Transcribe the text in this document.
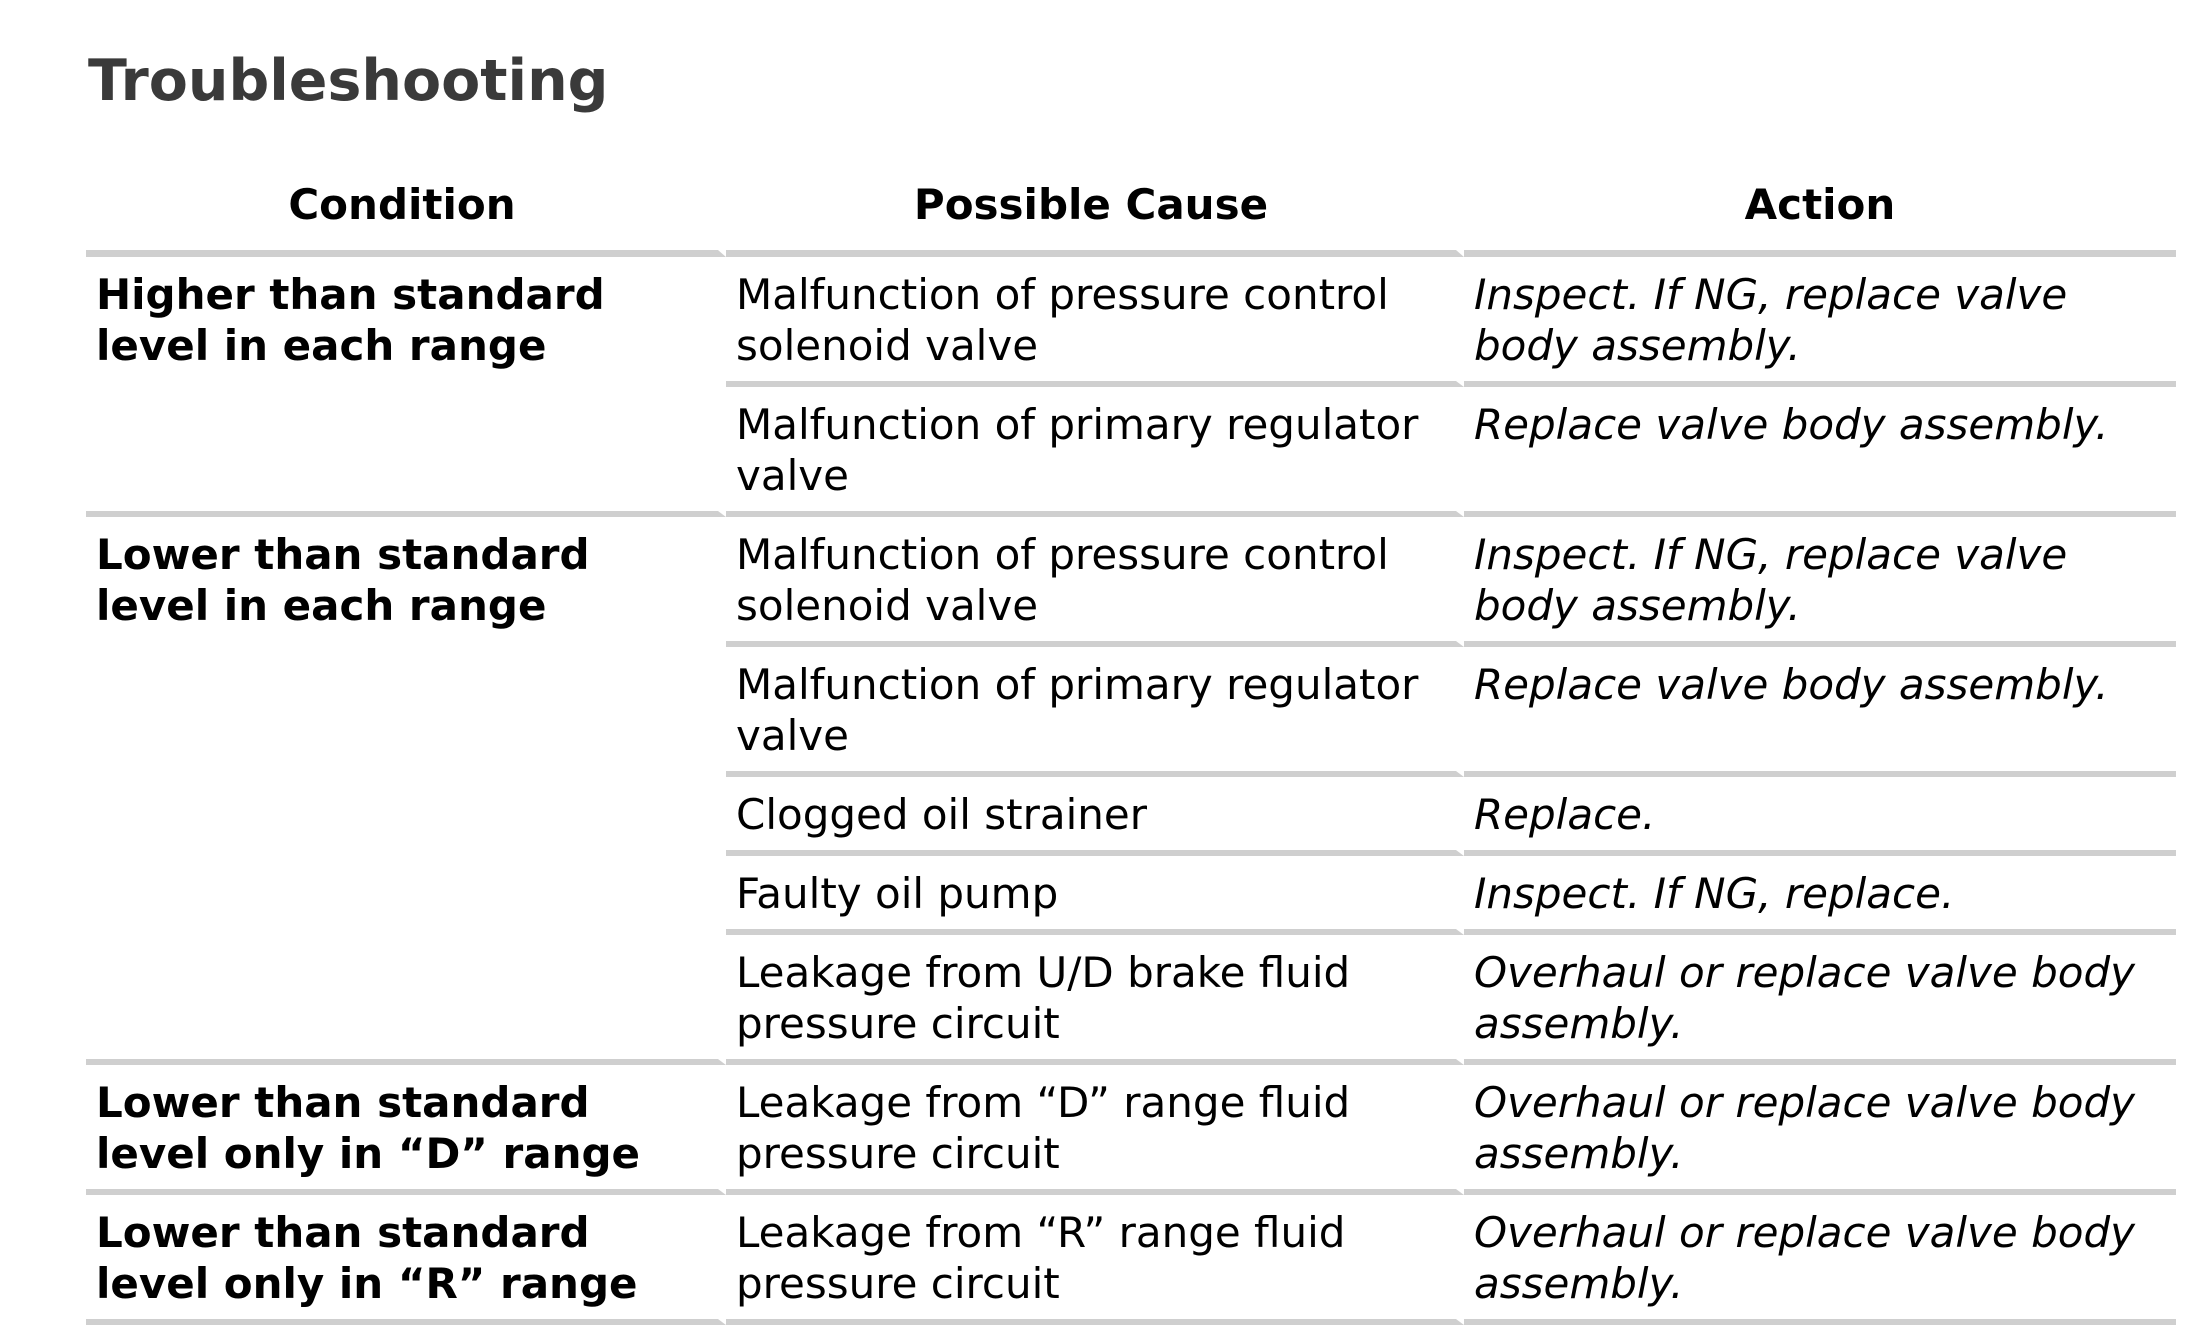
Troubleshooting
Condition	Possible Cause	Action
Higher than standard level in each range	Malfunction of pressure control solenoid valve	Inspect. If NG, replace valve body assembly.
	Malfunction of primary regulator valve	Replace valve body assembly.
Lower than standard level in each range	Malfunction of pressure control solenoid valve	Inspect. If NG, replace valve body assembly.
	Malfunction of primary regulator valve	Replace valve body assembly.
	Clogged oil strainer	Replace.
	Faulty oil pump	Inspect. If NG, replace.
	Leakage from U/D brake fluid pressure circuit	Overhaul or replace valve body assembly.
Lower than standard level only in “D” range	Leakage from “D” range fluid pressure circuit	Overhaul or replace valve body assembly.
Lower than standard level only in “R” range	Leakage from “R” range fluid pressure circuit	Overhaul or replace valve body assembly.
